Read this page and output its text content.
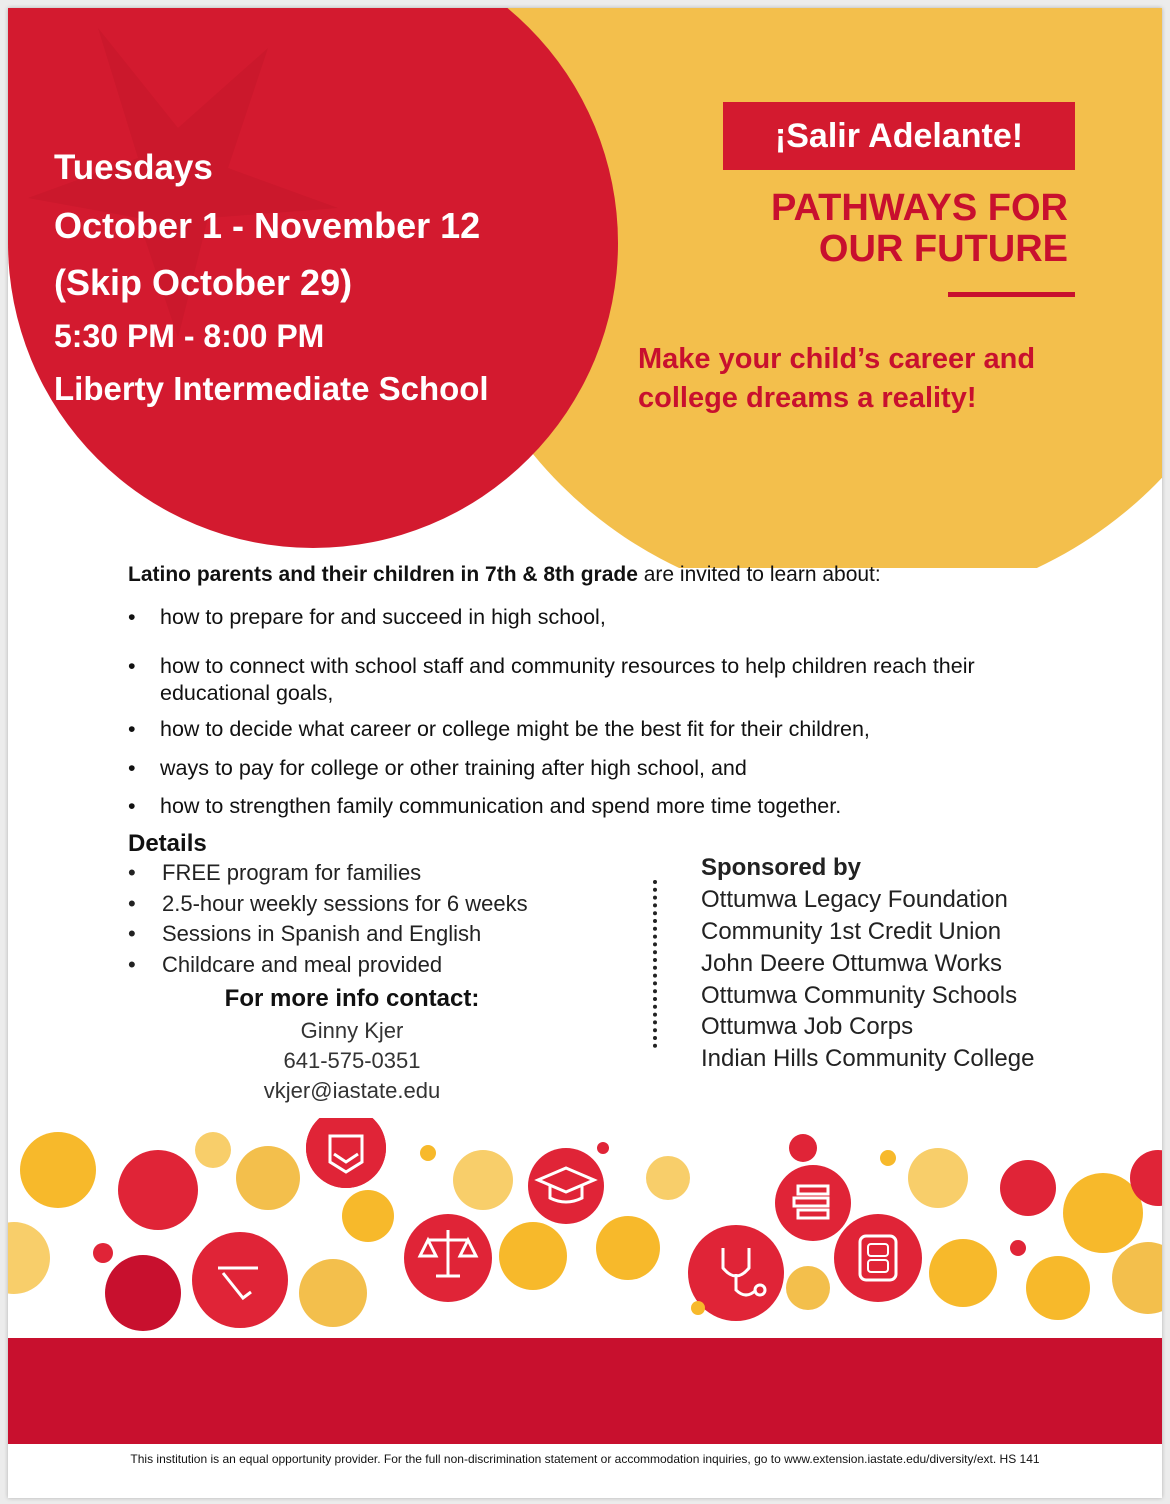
Tuesdays
October 1 - November 12
(Skip October 29)
5:30 PM - 8:00 PM
Liberty Intermediate School
¡Salir Adelante!
PATHWAYS FOR
OUR FUTURE
Make your child’s career and
college dreams a reality!
Latino parents and their children in 7th & 8th grade are invited to learn about:
• how to prepare for and succeed in high school,
• how to connect with school staff and community resources to help children reach their educational goals,
• how to decide what career or college might be the best fit for their children,
• ways to pay for college or other training after high school, and
• how to strengthen family communication and spend more time together.
Details
• FREE program for families
• 2.5-hour weekly sessions for 6 weeks
• Sessions in Spanish and English
• Childcare and meal provided
For more info contact:
Ginny Kjer
641-575-0351
vkjer@iastate.edu
Sponsored by
Ottumwa Legacy Foundation
Community 1st Credit Union
John Deere Ottumwa Works
Ottumwa Community Schools
Ottumwa Job Corps
Indian Hills Community College
This institution is an equal opportunity provider. For the full non-discrimination statement or accommodation inquiries, go to www.extension.iastate.edu/diversity/ext. HS 141
